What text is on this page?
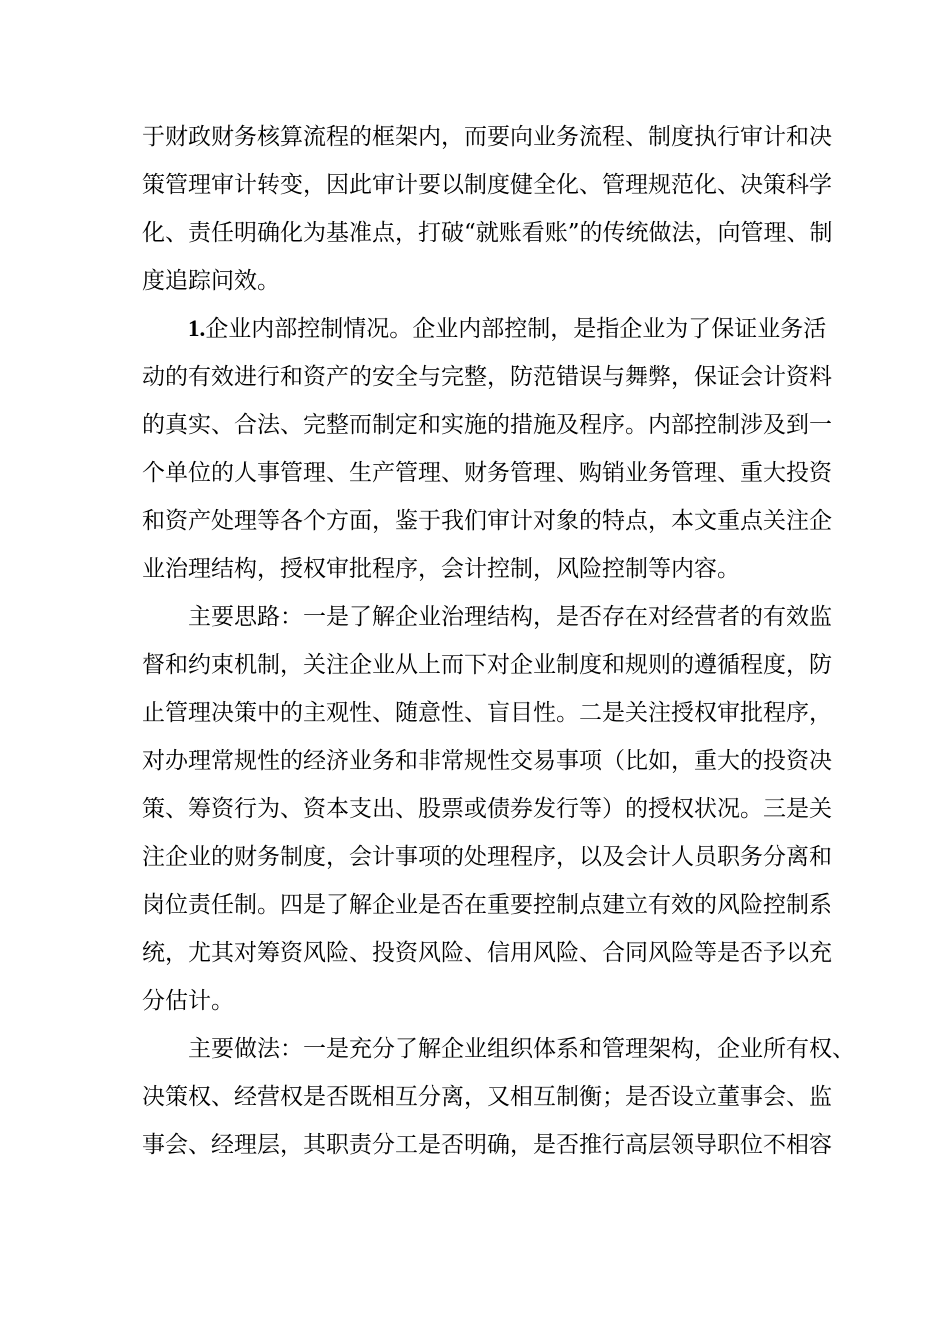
于 财 政 财 务 核 算 流 程 的 框 架 内 ， 而 要 向 业 务 流 程 、 制 度 执 行 审 计 和 决
策 管 理 审 计 转 变 ， 因 此 审 计 要 以 制 度 健 全 化 、 管 理 规 范 化 、 决 策 科 学
化 、 责 任 明 确 化 为 基 准 点 ， 打 破 “ 就 账 看 账 ” 的 传 统 做 法 ， 向 管 理 、 制
度追踪问效。
1. 企业内部控制情况。企业内部控制，是指企业为了保证业务活
动 的 有 效 进 行 和 资 产 的 安 全 与 完 整 ， 防 范 错 误 与 舞 弊 ， 保 证 会 计 资 料
的 真 实 、 合 法 、 完 整 而 制 定 和 实 施 的 措 施 及 程 序 。 内 部 控 制 涉 及 到 一
个 单 位 的 人 事 管 理 、 生 产 管 理 、 财 务 管 理 、 购 销 业 务 管 理 、 重 大 投 资
和 资 产 处 理 等 各 个 方 面 ， 鉴 于 我 们 审 计 对 象 的 特 点 ， 本 文 重 点 关 注 企
业治理结构，授权审批程序，会计控制，风险控制等内容。
主要思路：一是了解企业治理结构，是否存在对经营者的有效监
督 和 约 束 机 制 ， 关 注 企 业 从 上 而 下 对 企 业 制 度 和 规 则 的 遵 循 程 度 ， 防
止 管 理 决 策 中 的 主 观 性 、 随 意 性 、 盲 目 性 。 二 是 关 注 授 权 审 批 程 序 ，
对 办 理 常 规 性 的 经 济 业 务 和 非 常 规 性 交 易 事 项 （ 比 如 ， 重 大 的 投 资 决
策 、 筹 资 行 为 、 资 本 支 出 、 股 票 或 债 券 发 行 等 ） 的 授 权 状 况 。 三 是 关
注 企 业 的 财 务 制 度 ， 会 计 事 项 的 处 理 程 序 ， 以 及 会 计 人 员 职 务 分 离 和
岗 位 责 任 制 。 四 是 了 解 企 业 是 否 在 重 要 控 制 点 建 立 有 效 的 风 险 控 制 系
统 ， 尤 其 对 筹 资 风 险 、 投 资 风 险 、 信 用 风 险 、 合 同 风 险 等 是 否 予 以 充
分估计。
主要做法：一是充分了解企业组织体系和管理架构，企业所有权、
决 策 权 、 经 营 权 是 否 既 相 互 分 离 ， 又 相 互 制 衡 ； 是 否 设 立 董 事 会 、 监
事 会 、 经 理 层 ， 其 职 责 分 工 是 否 明 确 ， 是 否 推 行 高 层 领 导 职 位 不 相 容
